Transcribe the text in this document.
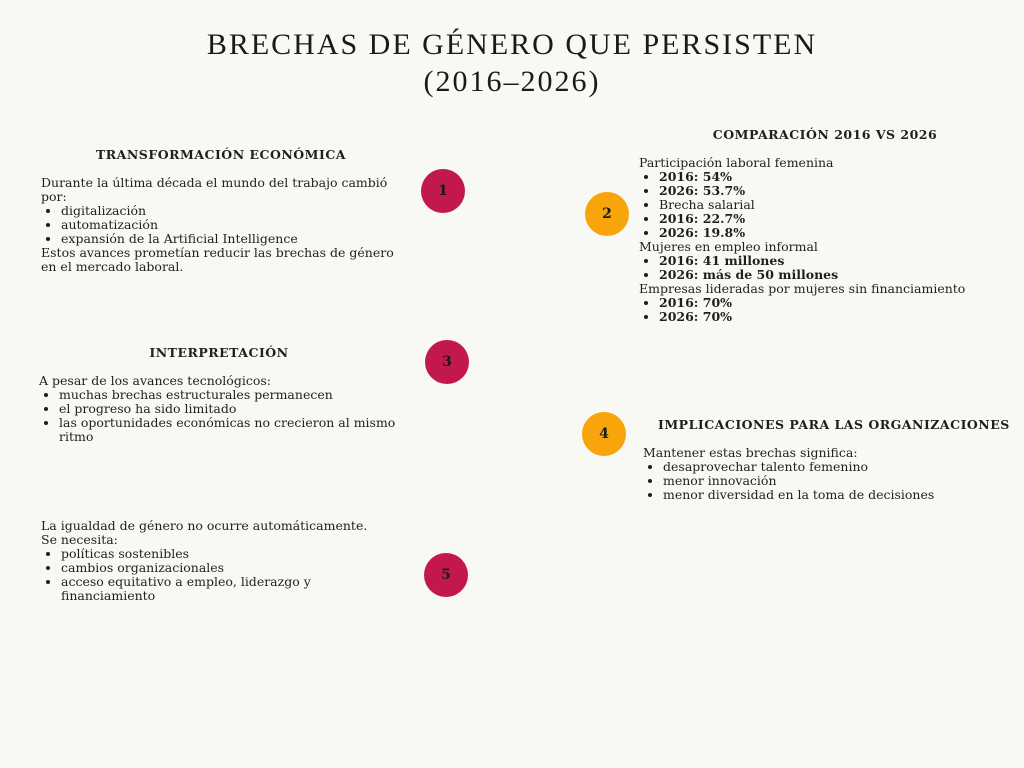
BRECHAS DE GÉNERO QUE PERSISTEN
(2016–2026)
TRANSFORMACIÓN ECONÓMICA

Durante la última década el mundo del trabajo cambió por:

• digitalización
• automatización
• expansión de la Artificial Intelligence

Estos avances prometían reducir las brechas de género en el mercado laboral.

COMPARACIÓN 2016 VS 2026

Participación laboral femenina

• 2016: 54%
• 2026: 53.7%
• Brecha salarial
• 2016: 22.7%
• 2026: 19.8%

Mujeres en empleo informal

• 2016: 41 millones
• 2026: más de 50 millones

Empresas lideradas por mujeres sin financiamiento

• 2016: 70%
• 2026: 70%
INTERPRETACIÓN

A pesar de los avances tecnológicos:

• muchas brechas estructurales permanecen
• el progreso ha sido limitado
• las oportunidades económicas no crecieron al mismo ritmo
IMPLICACIONES PARA LAS ORGANIZACIONES

Mantener estas brechas significa:

• desaprovechar talento femenino
• menor innovación
• menor diversidad en la toma de decisiones

La igualdad de género no ocurre automáticamente.

Se necesita:

• políticas sostenibles
• cambios organizacionales
• acceso equitativo a empleo, liderazgo y financiamiento
1
2
3
4
5
